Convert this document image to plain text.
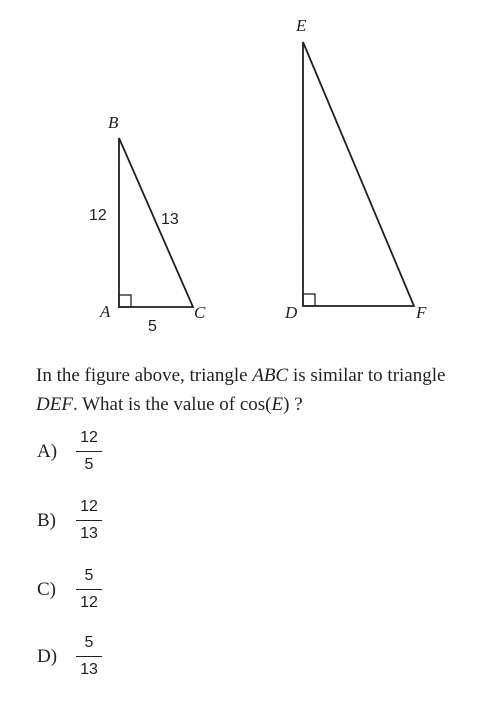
B
A	C
12	13
5
E
D	F
In the figure above, triangle ABC is similar to triangle DEF. What is the value of cos(E) ?
A)
12
5
B)
12
13
C)
5
12
D)
5
13
